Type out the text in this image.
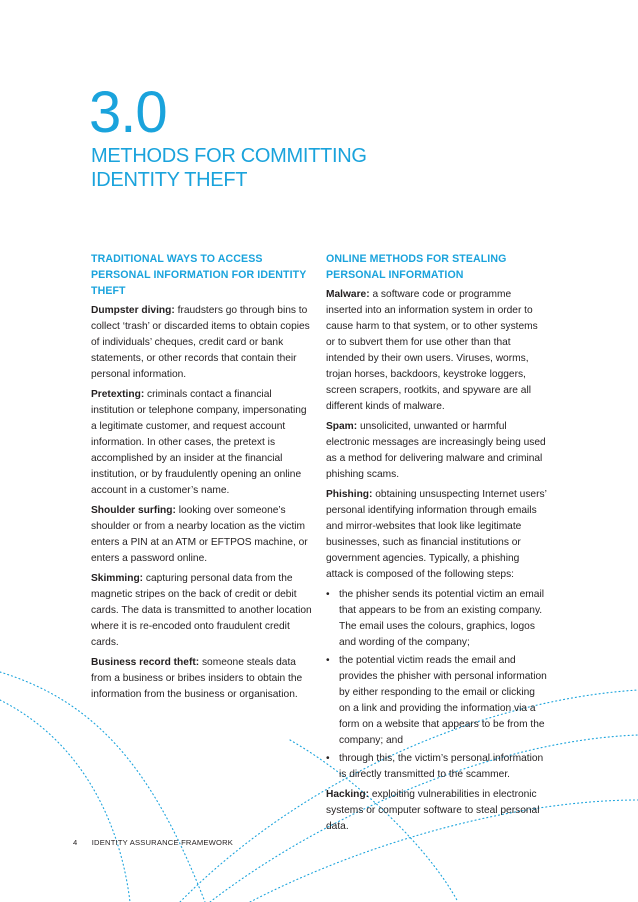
3.0
METHODS FOR COMMITTING IDENTITY THEFT
TRADITIONAL WAYS TO ACCESS PERSONAL INFORMATION FOR IDENTITY THEFT

Dumpster diving: fraudsters go through bins to collect ‘trash’ or discarded items to obtain copies of individuals’ cheques, credit card or bank statements, or other records that contain their personal information.

Pretexting: criminals contact a financial institution or telephone company, impersonating a legitimate customer, and request account information. In other cases, the pretext is accomplished by an insider at the financial institution, or by fraudulently opening an online account in a customer’s name.

Shoulder surfing: looking over someone’s shoulder or from a nearby location as the victim enters a PIN at an ATM or EFTPOS machine, or enters a password online.

Skimming: capturing personal data from the magnetic stripes on the back of credit or debit cards. The data is transmitted to another location where it is re-encoded onto fraudulent credit cards.

Business record theft: someone steals data from a business or bribes insiders to obtain the information from the business or organisation.

ONLINE METHODS FOR STEALING PERSONAL INFORMATION

Malware: a software code or programme inserted into an information system in order to cause harm to that system, or to other systems or to subvert them for use other than that intended by their own users. Viruses, worms, trojan horses, backdoors, keystroke loggers, screen scrapers, rootkits, and spyware are all different kinds of malware.

Spam: unsolicited, unwanted or harmful electronic messages are increasingly being used as a method for delivering malware and criminal phishing scams.

Phishing: obtaining unsuspecting Internet users’ personal identifying information through emails and mirror-websites that look like legitimate businesses, such as financial institutions or government agencies. Typically, a phishing attack is composed of the following steps:

• the phisher sends its potential victim an email that appears to be from an existing company. The email uses the colours, graphics, logos and wording of the company;
• the potential victim reads the email and provides the phisher with personal information by either responding to the email or clicking on a link and providing the information via a form on a website that appears to be from the company; and
• through this, the victim’s personal information is directly transmitted to the scammer.

Hacking: exploiting vulnerabilities in electronic systems or computer software to steal personal data.

4 IDENTITY ASSURANCE FRAMEWORK
